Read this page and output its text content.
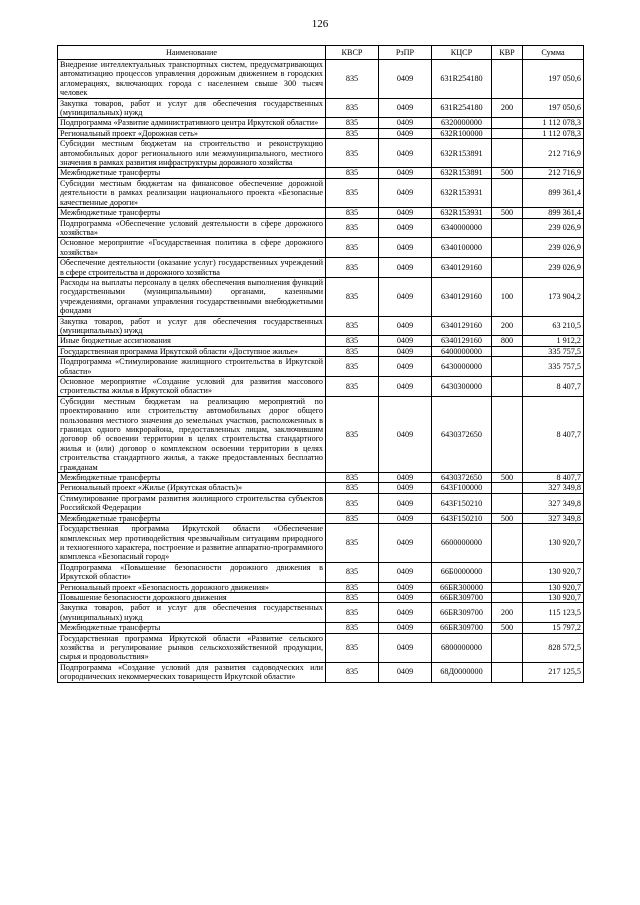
126
Наименование	КВСР	РзПР	КЦСР	КВР	Сумма
Внедрение интеллектуальных транспортных систем, предусматривающих автоматизацию процессов управления дорожным движением в городских агломерациях, включающих города с населением свыше 300 тысяч человек	835	0409	631R254180		197 050,6
Закупка товаров, работ и услуг для обеспечения государственных (муниципальных) нужд	835	0409	631R254180	200	197 050,6
Подпрограмма «Развитие административного центра Иркутской области»	835	0409	6320000000		1 112 078,3
Региональный проект «Дорожная сеть»	835	0409	632R100000		1 112 078,3
Субсидии местным бюджетам на строительство и реконструкцию автомобильных дорог регионального или межмуниципального, местного значения в рамках развития инфраструктуры дорожного хозяйства	835	0409	632R153891		212 716,9
Межбюджетные трансферты	835	0409	632R153891	500	212 716,9
Субсидии местным бюджетам на финансовое обеспечение дорожной деятельности в рамках реализации национального проекта «Безопасные качественные дороги»	835	0409	632R153931		899 361,4
Межбюджетные трансферты	835	0409	632R153931	500	899 361,4
Подпрограмма «Обеспечение условий деятельности в сфере дорожного хозяйства»	835	0409	6340000000		239 026,9
Основное мероприятие «Государственная политика в сфере дорожного хозяйства»	835	0409	6340100000		239 026,9
Обеспечение деятельности (оказание услуг) государственных учреждений в сфере строительства и дорожного хозяйства	835	0409	6340129160		239 026,9
Расходы на выплаты персоналу в целях обеспечения выполнения функций государственными (муниципальными) органами, казенными учреждениями, органами управления государственными внебюджетными фондами	835	0409	6340129160	100	173 904,2
Закупка товаров, работ и услуг для обеспечения государственных (муниципальных) нужд	835	0409	6340129160	200	63 210,5
Иные бюджетные ассигнования	835	0409	6340129160	800	1 912,2
Государственная программа Иркутской области «Доступное жилье»	835	0409	6400000000		335 757,5
Подпрограмма «Стимулирование жилищного строительства в Иркутской области»	835	0409	6430000000		335 757,5
Основное мероприятие «Создание условий для развития массового строительства жилья в Иркутской области»	835	0409	6430300000		8 407,7
Субсидии местным бюджетам на реализацию мероприятий по проектированию или строительству автомобильных дорог общего пользования местного значения до земельных участков, расположенных в границах одного микрорайона, предоставленных лицам, заключившим договор об освоении территории в целях строительства стандартного жилья и (или) договор о комплексном освоении территории в целях строительства стандартного жилья, а также предоставленных бесплатно гражданам	835	0409	6430372650		8 407,7
Межбюджетные трансферты	835	0409	6430372650	500	8 407,7
Региональный проект «Жилье (Иркутская область)»	835	0409	643F100000		327 349,8
Стимулирование программ развития жилищного строительства субъектов Российской Федерации	835	0409	643F150210		327 349,8
Межбюджетные трансферты	835	0409	643F150210	500	327 349,8
Государственная программа Иркутской области «Обеспечение комплексных мер противодействия чрезвычайным ситуациям природного и техногенного характера, построение и развитие аппаратно-программного комплекса «Безопасный город»	835	0409	6600000000		130 920,7
Подпрограмма «Повышение безопасности дорожного движения в Иркутской области»	835	0409	66Б0000000		130 920,7
Региональный проект «Безопасность дорожного движения»	835	0409	66БR300000		130 920,7
Повышение безопасности дорожного движения	835	0409	66БR309700		130 920,7
Закупка товаров, работ и услуг для обеспечения государственных (муниципальных) нужд	835	0409	66БR309700	200	115 123,5
Межбюджетные трансферты	835	0409	66БR309700	500	15 797,2
Государственная программа Иркутской области «Развитие сельского хозяйства и регулирование рынков сельскохозяйственной продукции, сырья и продовольствия»	835	0409	6800000000		828 572,5
Подпрограмма «Создание условий для развития садоводческих или огороднических некоммерческих товариществ Иркутской области»	835	0409	68Д0000000		217 125,5
